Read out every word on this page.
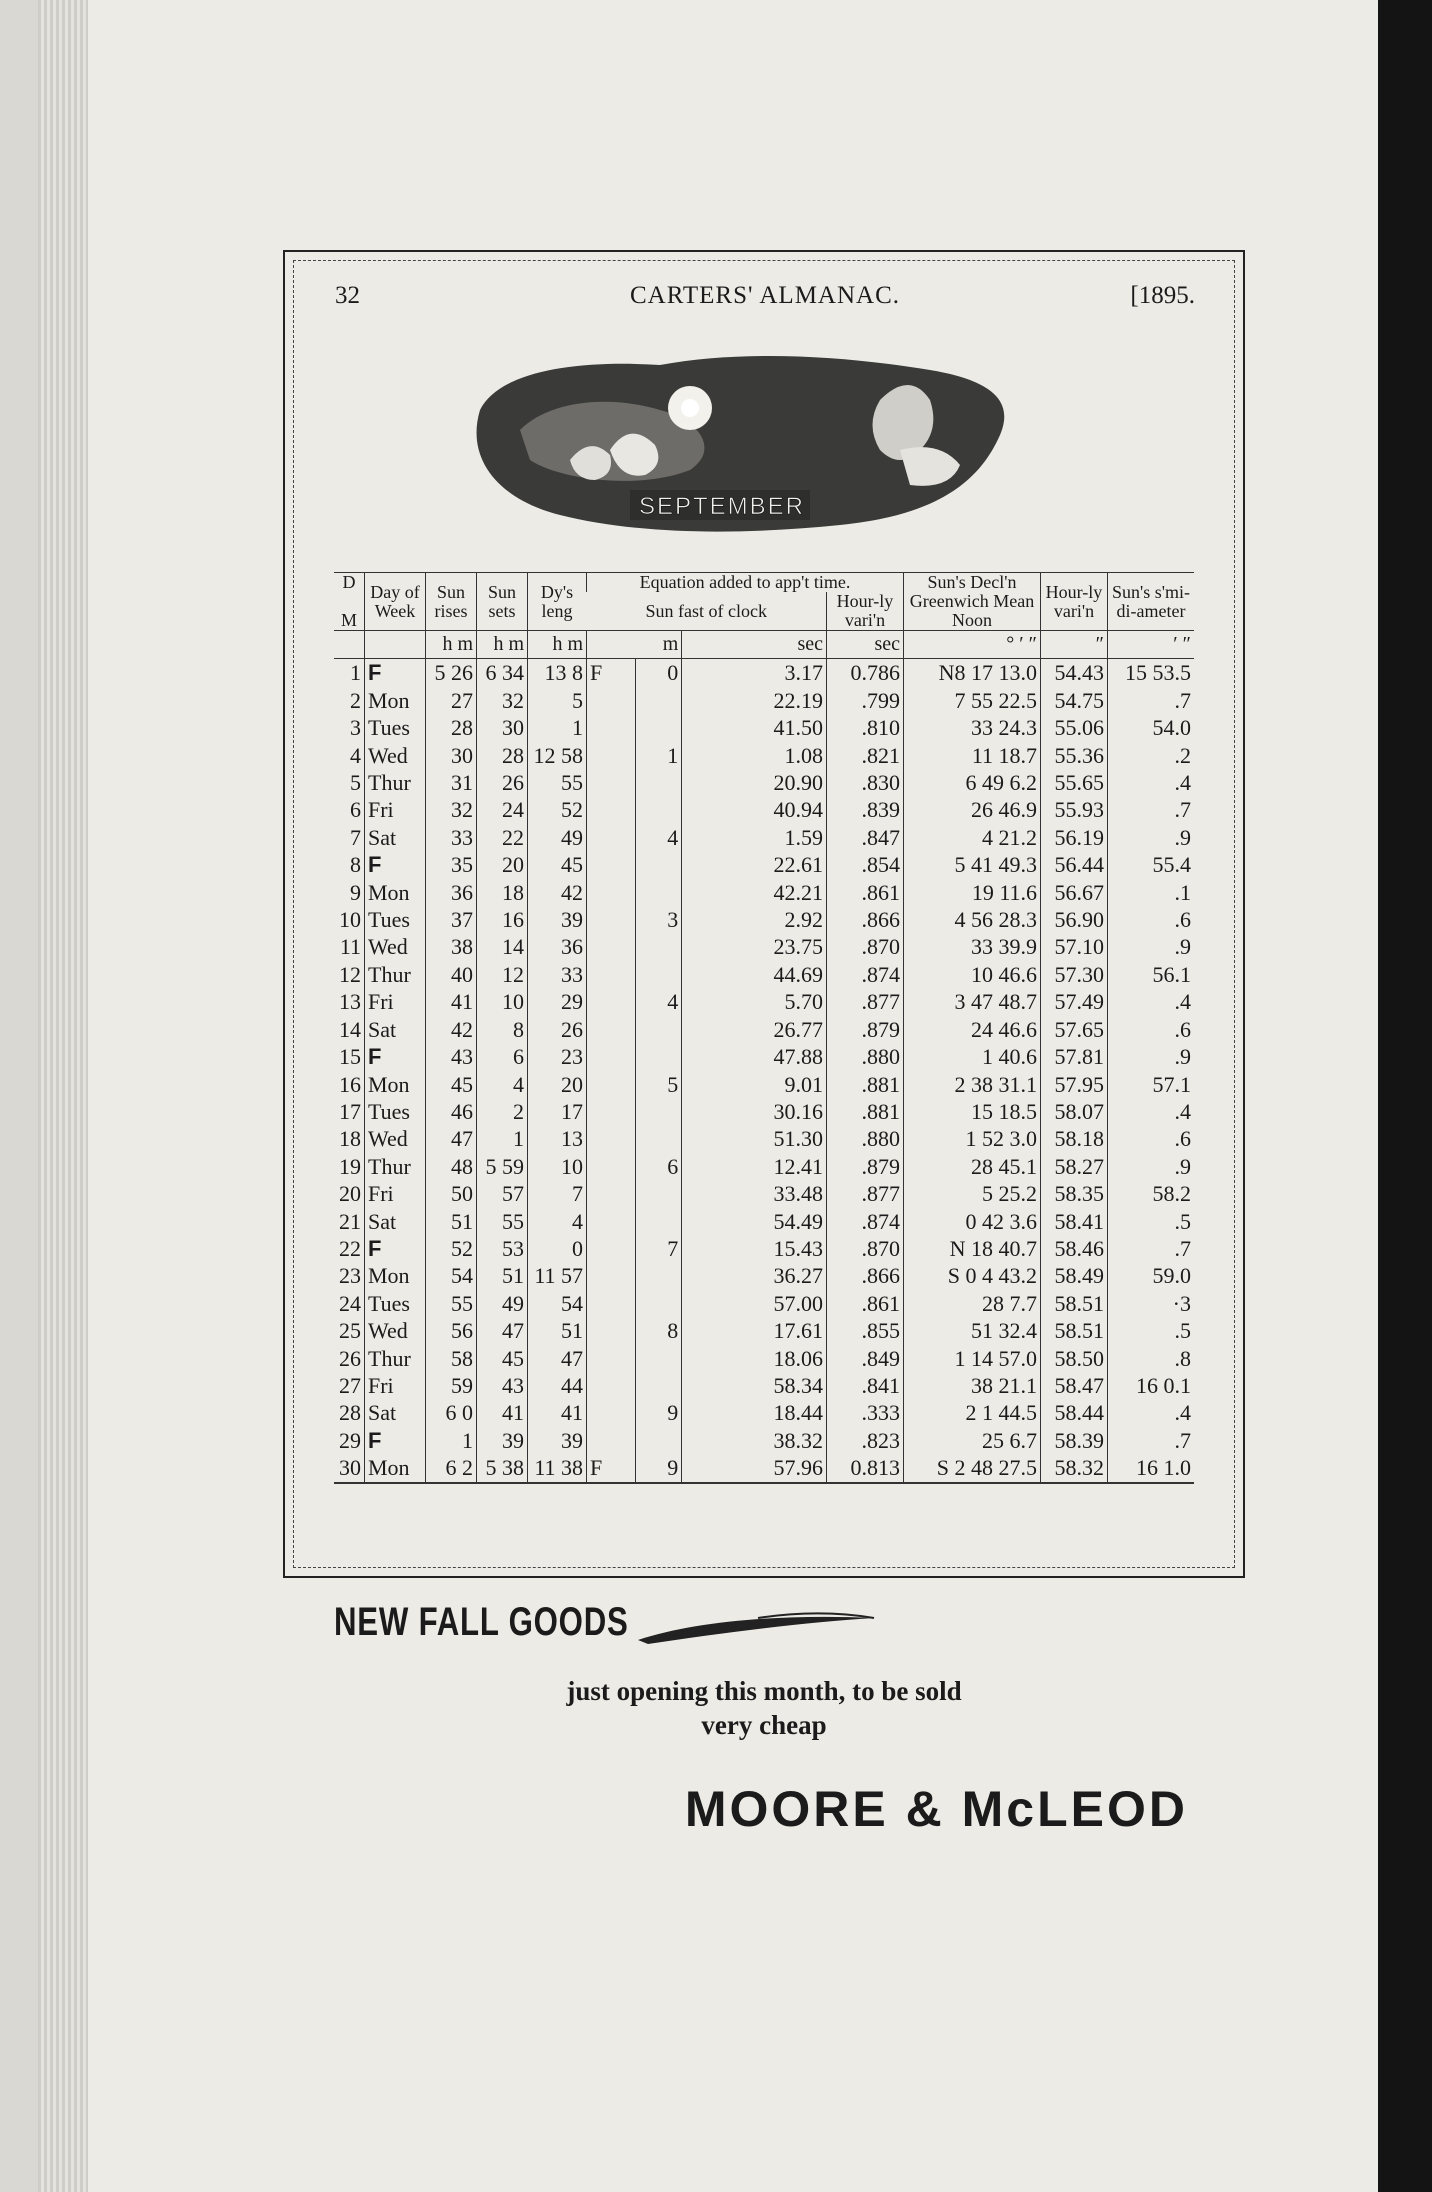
32	CARTERS' ALMANAC.	[1895.
SEPTEMBER
D

M	Day of Week	Sun rises	Sun sets	Dy's leng	Equation added to app't time.				Sun's Decl'n Greenwich Mean Noon	Hour-ly vari'n	Sun's s'mi-di-ameter
					Sun fast of clock			Hour-ly vari'n			
		h m	h m	h m	m		sec	sec	° ′ ″	″	′ ″
1	F	5 26	6 34	13 8	F	0	3.17	0.786	N8 17 13.0	54.43	15 53.5
2	Mon	27	32	5			22.19	.799	7 55 22.5	54.75	.7
3	Tues	28	30	1			41.50	.810	33 24.3	55.06	54.0
4	Wed	30	28	12 58		1	1.08	.821	11 18.7	55.36	.2
5	Thur	31	26	55			20.90	.830	6 49 6.2	55.65	.4
6	Fri	32	24	52			40.94	.839	26 46.9	55.93	.7
7	Sat	33	22	49		4	1.59	.847	4 21.2	56.19	.9
8	F	35	20	45			22.61	.854	5 41 49.3	56.44	55.4
9	Mon	36	18	42			42.21	.861	19 11.6	56.67	.1
10	Tues	37	16	39		3	2.92	.866	4 56 28.3	56.90	.6
11	Wed	38	14	36			23.75	.870	33 39.9	57.10	.9
12	Thur	40	12	33			44.69	.874	10 46.6	57.30	56.1
13	Fri	41	10	29		4	5.70	.877	3 47 48.7	57.49	.4
14	Sat	42	8	26			26.77	.879	24 46.6	57.65	.6
15	F	43	6	23			47.88	.880	1 40.6	57.81	.9
16	Mon	45	4	20		5	9.01	.881	2 38 31.1	57.95	57.1
17	Tues	46	2	17			30.16	.881	15 18.5	58.07	.4
18	Wed	47	1	13			51.30	.880	1 52 3.0	58.18	.6
19	Thur	48	5 59	10		6	12.41	.879	28 45.1	58.27	.9
20	Fri	50	57	7			33.48	.877	5 25.2	58.35	58.2
21	Sat	51	55	4			54.49	.874	0 42 3.6	58.41	.5
22	F	52	53	0		7	15.43	.870	N 18 40.7	58.46	.7
23	Mon	54	51	11 57			36.27	.866	S 0 4 43.2	58.49	59.0
24	Tues	55	49	54			57.00	.861	28 7.7	58.51	·3
25	Wed	56	47	51		8	17.61	.855	51 32.4	58.51	.5
26	Thur	58	45	47			18.06	.849	1 14 57.0	58.50	.8
27	Fri	59	43	44			58.34	.841	38 21.1	58.47	16 0.1
28	Sat	6 0	41	41		9	18.44	.333	2 1 44.5	58.44	.4
29	F	1	39	39			38.32	.823	25 6.7	58.39	.7
30	Mon	6 2	5 38	11 38	F	9	57.96	0.813	S 2 48 27.5	58.32	16 1.0
NEW FALL GOODS
just opening this month, to be sold
very cheap
MOORE & McLEOD
